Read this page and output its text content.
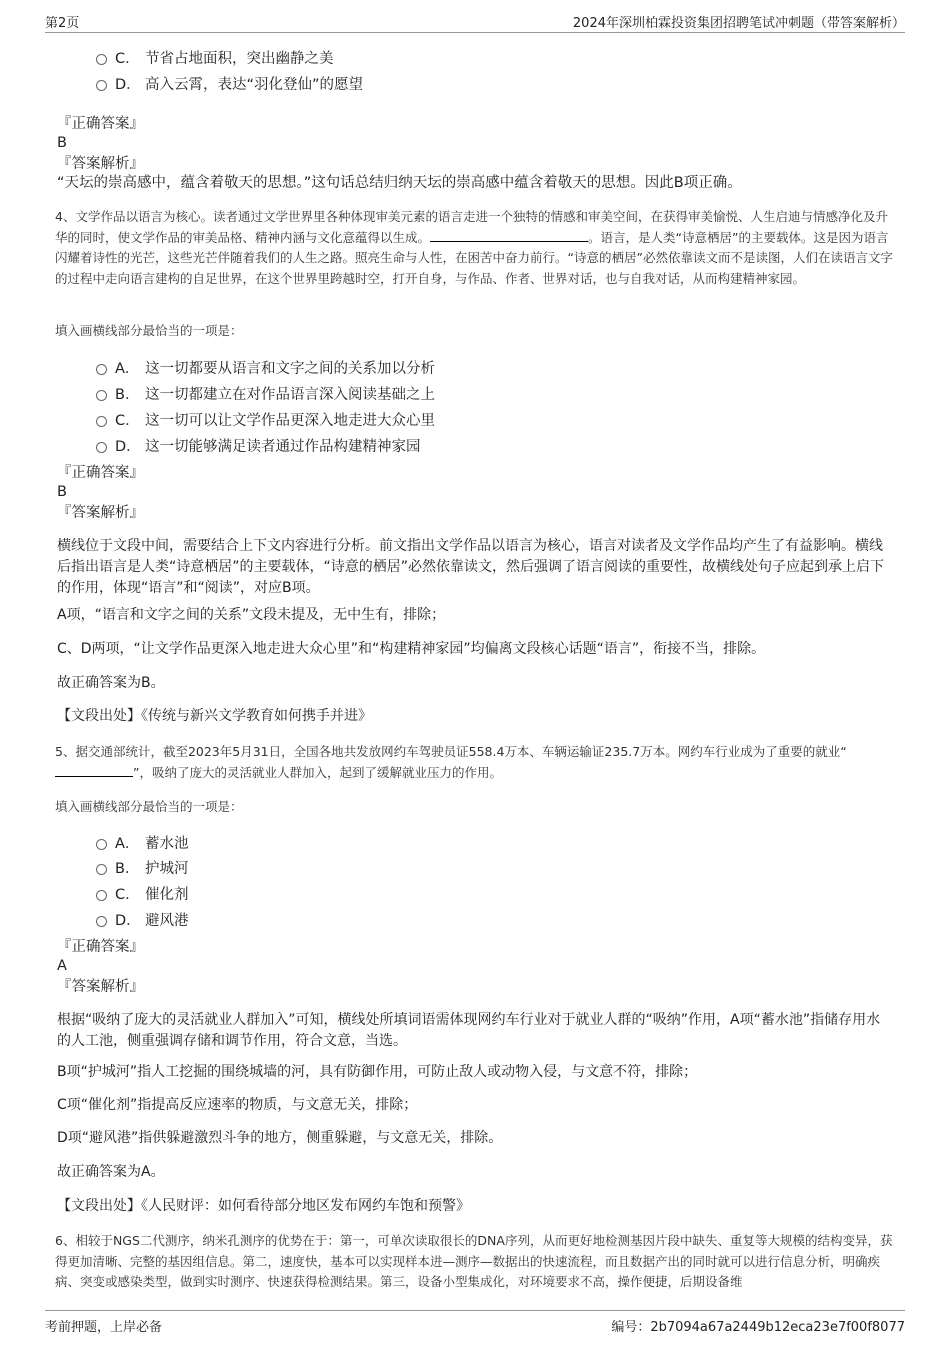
第2页	2024年深圳柏霖投资集团招聘笔试冲刺题（带答案解析）
C． 节省占地面积，突出幽静之美
D． 高入云霄，表达“羽化登仙”的愿望
『正确答案』
B
『答案解析』
“天坛的崇高感中，蕴含着敬天的思想。”这句话总结归纳天坛的崇高感中蕴含着敬天的思想。因此B项正确。
4、文学作品以语言为核心。读者通过文学世界里各种体现审美元素的语言走进一个独特的情感和审美空间，在获得审美愉悦、人生启迪与情感净化及升华的同时，使文学作品的审美品格、精神内涵与文化意蕴得以生成。	。语言，是人类“诗意栖居”的主要载体。这是因为语言闪耀着诗性的光芒，这些光芒伴随着我们的人生之路。照亮生命与人性，在困苦中奋力前行。“诗意的栖居”必然依靠读文而不是读图，人们在读语言文字的过程中走向语言建构的自足世界，在这个世界里跨越时空，打开自身，与作品、作者、世界对话，也与自我对话，从而构建精神家园。
填入画横线部分最恰当的一项是：
A． 这一切都要从语言和文字之间的关系加以分析
B． 这一切都建立在对作品语言深入阅读基础之上
C． 这一切可以让文学作品更深入地走进大众心里
D． 这一切能够满足读者通过作品构建精神家园
『正确答案』
B
『答案解析』
横线位于文段中间，需要结合上下文内容进行分析。前文指出文学作品以语言为核心，语言对读者及文学作品均产生了有益影响。横线后指出语言是人类“诗意栖居”的主要载体，“诗意的栖居”必然依靠读文，然后强调了语言阅读的重要性，故横线处句子应起到承上启下的作用，体现“语言”和“阅读”，对应B项。
A项，“语言和文字之间的关系”文段未提及，无中生有，排除；
C、D两项，“让文学作品更深入地走进大众心里”和“构建精神家园”均偏离文段核心话题“语言”，衔接不当，排除。
故正确答案为B。
【文段出处】《传统与新兴文学教育如何携手并进》
5、据交通部统计，截至2023年5月31日，全国各地共发放网约车驾驶员证558.4万本、车辆运输证235.7万本。网约车行业成为了重要的就业“
”，吸纳了庞大的灵活就业人群加入，起到了缓解就业压力的作用。
填入画横线部分最恰当的一项是：
A． 蓄水池
B． 护城河
C． 催化剂
D． 避风港
『正确答案』
A
『答案解析』
根据“吸纳了庞大的灵活就业人群加入”可知，横线处所填词语需体现网约车行业对于就业人群的“吸纳”作用，A项“蓄水池”指储存用水的人工池，侧重强调存储和调节作用，符合文意，当选。
B项“护城河”指人工挖掘的围绕城墙的河，具有防御作用，可防止敌人或动物入侵，与文意不符，排除；
C项“催化剂”指提高反应速率的物质，与文意无关，排除；
D项“避风港”指供躲避激烈斗争的地方，侧重躲避，与文意无关，排除。
故正确答案为A。
【文段出处】《人民财评：如何看待部分地区发布网约车饱和预警》
6、相较于NGS二代测序，纳米孔测序的优势在于：第一，可单次读取很长的DNA序列，从而更好地检测基因片段中缺失、重复等大规模的结构变异，获得更加清晰、完整的基因组信息。第二，速度快，基本可以实现样本进—测序—数据出的快速流程，而且数据产出的同时就可以进行信息分析，明确疾病、突变或感染类型，做到实时测序、快速获得检测结果。第三，设备小型集成化，对环境要求不高，操作便捷，后期设备维
考前押题，上岸必备	编号：2b7094a67a2449b12eca23e7f00f8077
